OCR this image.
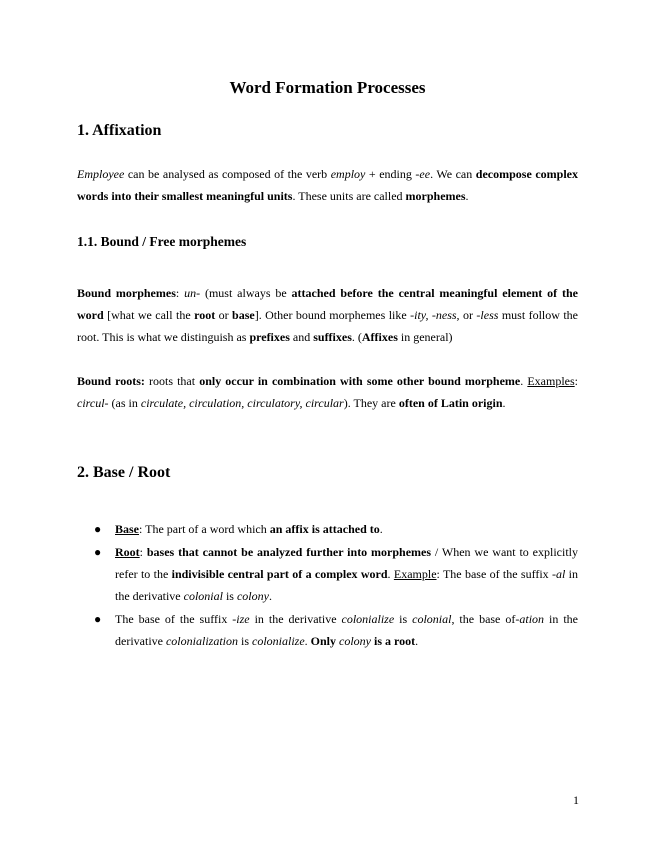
Word Formation Processes
1. Affixation

Employee can be analysed as composed of the verb employ + ending -ee. We can decompose complex words into their smallest meaningful units. These units are called morphemes.

1.1. Bound / Free morphemes

Bound morphemes: un- (must always be attached before the central meaningful element of the word [what we call the root or base]. Other bound morphemes like -ity, -ness, or -less must follow the root. This is what we distinguish as prefixes and suffixes. (Affixes in general)

Bound roots: roots that only occur in combination with some other bound morpheme. Examples: circul- (as in circulate, circulation, circulatory, circular). They are often of Latin origin.

2. Base / Root
● Base: The part of a word which an affix is attached to.
● Root: bases that cannot be analyzed further into morphemes / When we want to explicitly refer to the indivisible central part of a complex word. Example: The base of the suffix -al in the derivative colonial is colony.
● The base of the suffix -ize in the derivative colonialize is colonial, the base of-ation in the derivative colonialization is colonialize. Only colony is a root.
1
